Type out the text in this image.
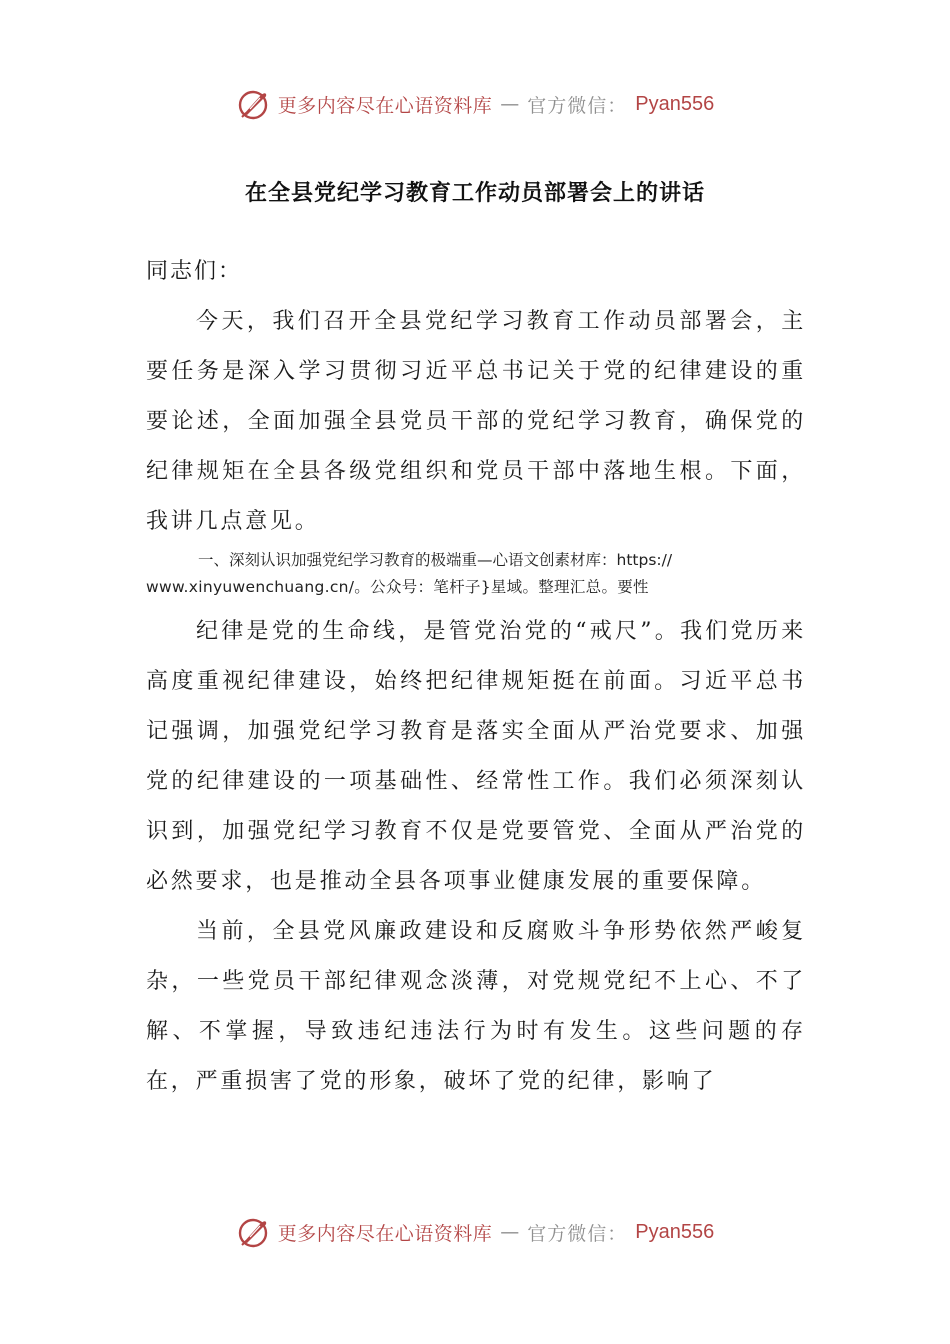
更多内容尽在心语资料库 — 官方微信： Pyan556
在全县党纪学习教育工作动员部署会上的讲话
同志们：

今天，我们召开全县党纪学习教育工作动员部署会，主要任务是深入学习贯彻习近平总书记关于党的纪律建设的重要论述，全面加强全县党员干部的党纪学习教育，确保党的纪律规矩在全县各级党组织和党员干部中落地生根。下面，我讲几点意见。

一、深刻认识加强党纪学习教育的极端重—心语文创素材库：https://
www.xinyuwenchuang.cn/。公众号：笔杆子}星域。整理汇总。要性

纪律是党的生命线，是管党治党的“戒尺”。我们党历来高度重视纪律建设，始终把纪律规矩挺在前面。习近平总书记强调，加强党纪学习教育是落实全面从严治党要求、加强党的纪律建设的一项基础性、经常性工作。我们必须深刻认识到，加强党纪学习教育不仅是党要管党、全面从严治党的必然要求，也是推动全县各项事业健康发展的重要保障。

当前，全县党风廉政建设和反腐败斗争形势依然严峻复杂，一些党员干部纪律观念淡薄，对党规党纪不上心、不了解、不掌握，导致违纪违法行为时有发生。这些问题的存在，严重损害了党的形象，破坏了党的纪律，影响了

更多内容尽在心语资料库 — 官方微信： Pyan556
